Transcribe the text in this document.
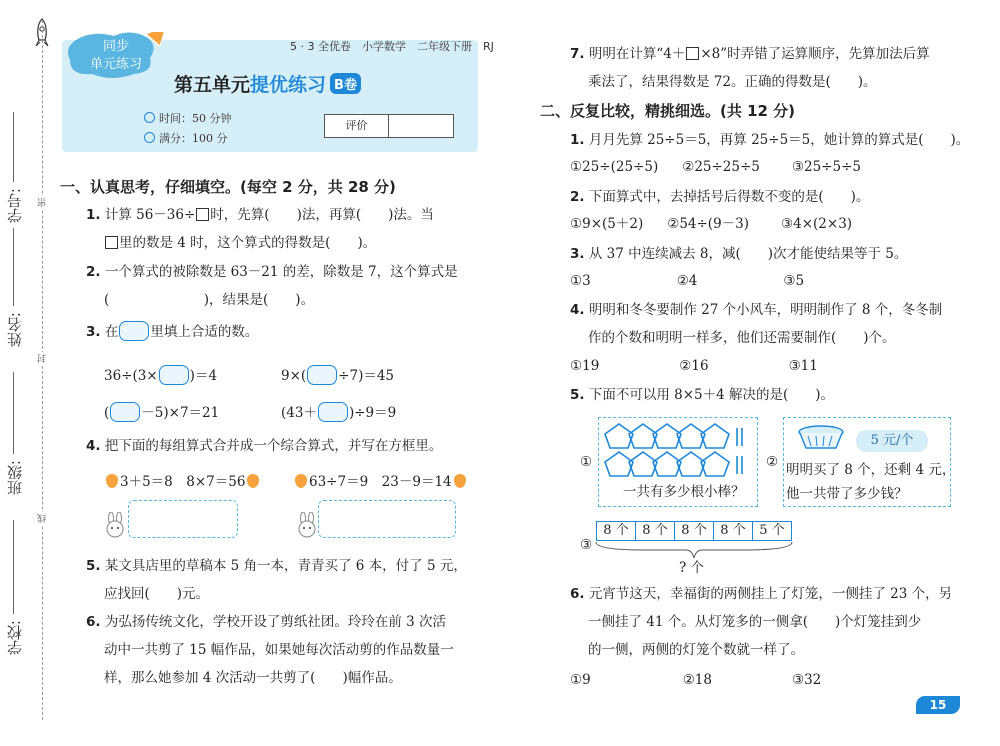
学号:
姓名:
班级:
学校:
密
封
线
同步
单元练习
5 · 3 全优卷　小学数学　二年级下册　RJ
第五单元提优练习 B卷
时间：50 分钟
满分：100 分
评价
一、认真思考，仔细填空。(每空 2 分，共 28 分)
1. 计算 56－36÷ 时，先算(　　)法，再算(　　)法。当
里的数是 4 时，这个算式的得数是(　　)。
2. 一个算式的被除数是 63－21 的差，除数是 7，这个算式是
(　　　　　　　)，结果是(　　)。
3. 在 里填上合适的数。
36÷(3× )＝4	9×( ÷7)＝45
( －5)×7＝21	(43＋ )÷9＝9
4. 把下面的每组算式合并成一个综合算式，并写在方框里。
3＋5＝8　 8×7＝56	63÷7＝9　 23－9＝14
5. 某文具店里的草稿本 5 角一本，青青买了 6 本，付了 5 元，
应找回(　　)元。
6. 为弘扬传统文化，学校开设了剪纸社团。玲玲在前 3 次活
动中一共剪了 15 幅作品，如果她每次活动剪的作品数量一
样，那么她参加 4 次活动一共剪了(　　)幅作品。
7. 明明在计算“4＋ ×8”时弄错了运算顺序，先算加法后算
乘法了，结果得数是 72。正确的得数是(　　)。
二、反复比较，精挑细选。(共 12 分)
1. 月月先算 25÷5＝5，再算 25÷5＝5，她计算的算式是(　　)。
①25÷(25÷5) ②25÷25÷5 ③25÷5÷5
2. 下面算式中，去掉括号后得数不变的是(　　)。
①9×(5＋2) ②54÷(9－3) ③4×(2×3)
3. 从 37 中连续减去 8，减(　　)次才能使结果等于 5。
①3	②4	③5
4. 明明和冬冬要制作 27 个小风车，明明制作了 8 个，冬冬制
作的个数和明明一样多，他们还需要制作(　　)个。
①19	②16	③11
5. 下面不可以用 8×5＋4 解决的是(　　)。
①
一共有多少根小棒？
② 明明买了 8 个，还剩 4 元，
他一共带了多少钱？
5 元/个
③
8 个	8 个	8 个	8 个	5 个
? 个
6. 元宵节这天，幸福街的两侧挂上了灯笼，一侧挂了 23 个，另
一侧挂了 41 个。从灯笼多的一侧拿(　　)个灯笼挂到少
的一侧，两侧的灯笼个数就一样了。
①9	②18	③32
15
